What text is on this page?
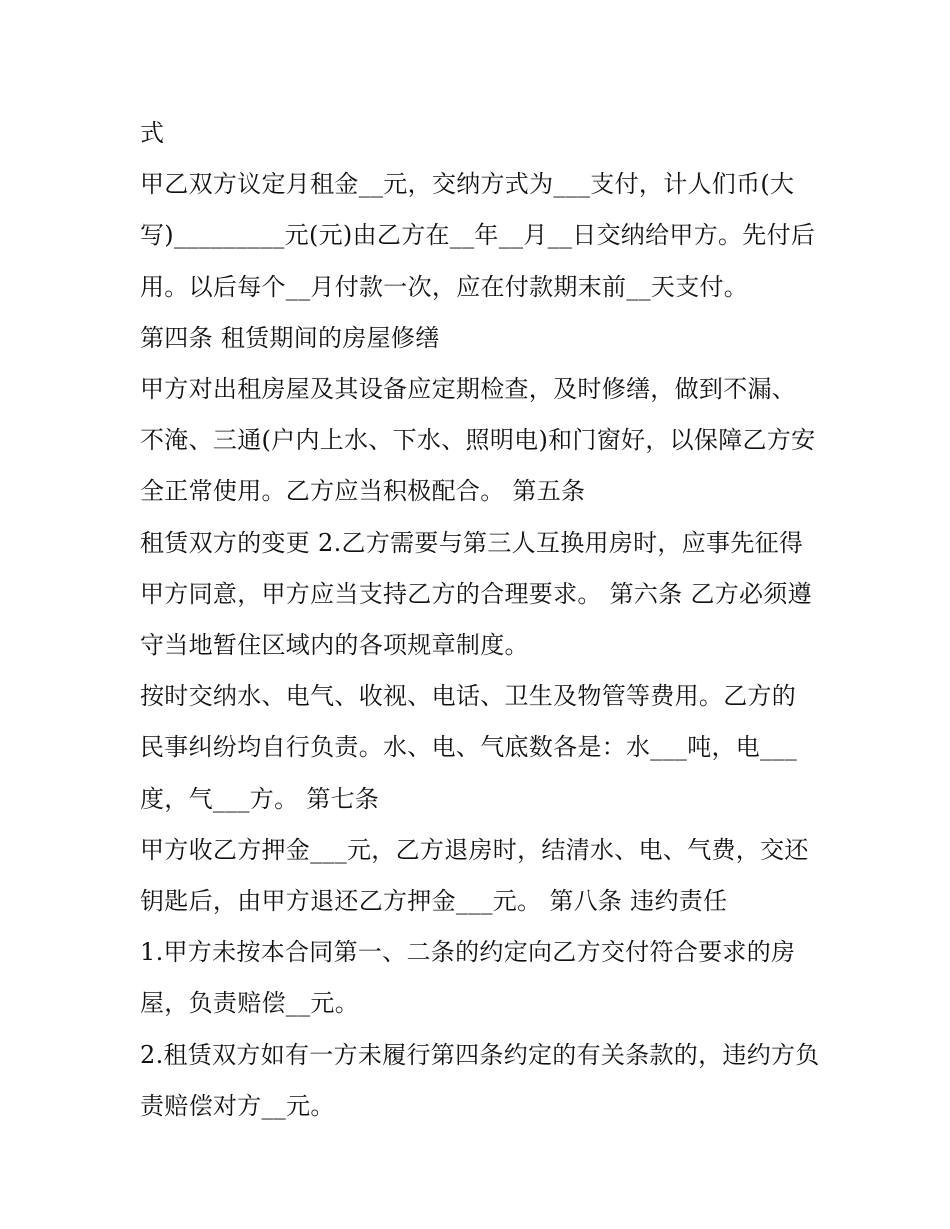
式

甲乙双方议定月租金__元，交纳方式为___支付，计人们币(大写)_________元(元)由乙方在__年__月__日交纳给甲方。先付后用。以后每个__月付款一次，应在付款期末前__天支付。

第四条 租赁期间的房屋修缮

甲方对出租房屋及其设备应定期检查，及时修缮，做到不漏、不淹、三通(户内上水、下水、照明电)和门窗好，以保障乙方安全正常使用。乙方应当积极配合。 第五条

租赁双方的变更 2.乙方需要与第三人互换用房时，应事先征得甲方同意，甲方应当支持乙方的合理要求。 第六条 乙方必须遵守当地暂住区域内的各项规章制度。

按时交纳水、电气、收视、电话、卫生及物管等费用。乙方的民事纠纷均自行负责。水、电、气底数各是：水___吨，电___度，气___方。 第七条

甲方收乙方押金___元，乙方退房时，结清水、电、气费，交还钥匙后，由甲方退还乙方押金___元。 第八条 违约责任

1.甲方未按本合同第一、二条的约定向乙方交付符合要求的房屋，负责赔偿__元。

2.租赁双方如有一方未履行第四条约定的有关条款的，违约方负责赔偿对方__元。
